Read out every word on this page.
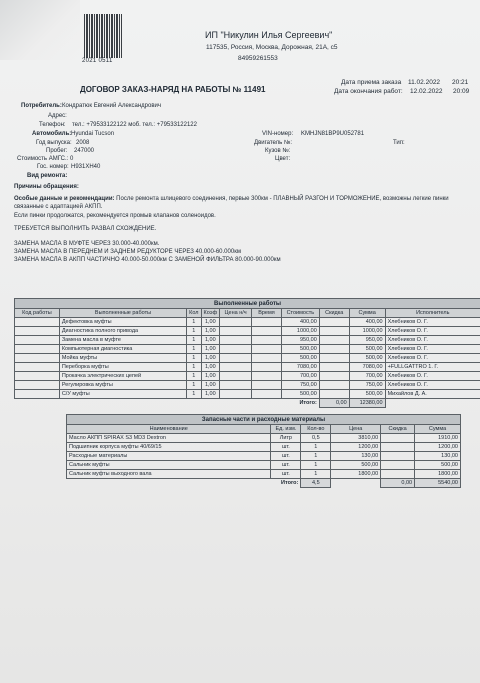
2021 0511
ИП "Никулин Илья Сергеевич"
117535, Россия, Москва, Дорожная, 21А, с5
84959261553
ДОГОВОР ЗАКАЗ-НАРЯД НА РАБОТЫ № 11491
Дата приема заказа 11.02.2022 20:21
Дата окончания работ: 12.02.2022 20:09
Потребитель: Кондратюк Евгений Александрович
Адрес:
Телефон: тел.: +79533122122 моб. тел.: +79533122122
Автомобиль: Hyundai Tucson
Год выпуска: 2008
Пробег: 247000
Стоимость АМГС.: 0
Гос. номер: Н931ХН40
Вид ремонта:
VIN-номер: KMHJN81BP9U052781
Двигатель №:	Тип:
Кузов №:
Цвет:
Причины обращения:
Особые данные и рекомендации: После ремонта шлицевого соединения, первые 300км - ПЛАВНЫЙ РАЗГОН И ТОРМОЖЕНИЕ, возможны легкие пинки связанные с адаптацией АКПП.
Если пинки продолжатся, рекомендуется промыв клапанов соленоидов.
ТРЕБУЕТСЯ ВЫПОЛНИТЬ РАЗВАЛ СХОЖДЕНИЕ.
ЗАМЕНА МАСЛА В МУФТЕ ЧЕРЕЗ 30.000-40.000км.
ЗАМЕНА МАСЛА В ПЕРЕДНЕМ И ЗАДНЕМ РЕДУКТОРЕ ЧЕРЕЗ 40.000-60.000км
ЗАМЕНА МАСЛА В АКПП ЧАСТИЧНО 40.000-50.000км С ЗАМЕНОЙ ФИЛЬТРА 80.000-90.000км
Выполненные работы									
Код работы	Выполненные работы	Кол	Коэф	Цена н/ч	Время	Стоимость	Скидка	Сумма	Исполнитель
	Дефектовка муфты	1	1,00			400,00		400,00	Хлебников О. Г.
	Диагностика полного привода	1	1,00			1000,00		1000,00	Хлебников О. Г.
	Замена масла в муфте	1	1,00			950,00		950,00	Хлебников О. Г.
	Компьютерная диагностика	1	1,00			500,00		500,00	Хлебников О. Г.
	Мойка муфты	1	1,00			500,00		500,00	Хлебников О. Г.
	Переборка муфты	1	1,00			7080,00		7080,00	+FULLGATTRO 1. Г.
	Прокачка электрических цепей	1	1,00			700,00		700,00	Хлебников О. Г.
	Регулировка муфты	1	1,00			750,00		750,00	Хлебников О. Г.
	С/У муфты	1	1,00			500,00		500,00	Михайлов Д. А.
						Итого:	0,00	12380,00	
Запасные части и расходные материалы					
Наименование	Ед. изм.	Кол-во	Цена	Скидка	Сумма
Масло АКПП SPIRAX S3 MD3 Dextron	Литр	0,5	3810,00		1910,00
Подшипник корпуса муфты 40/69/15	шт.	1	1200,00		1200,00
Расходные материалы	шт.	1	130,00		130,00
Сальник муфты	шт.	1	500,00		500,00
Сальник муфты выходного вала	шт.	1	1800,00		1800,00
	Итого:	4,5		0,00	5540,00
